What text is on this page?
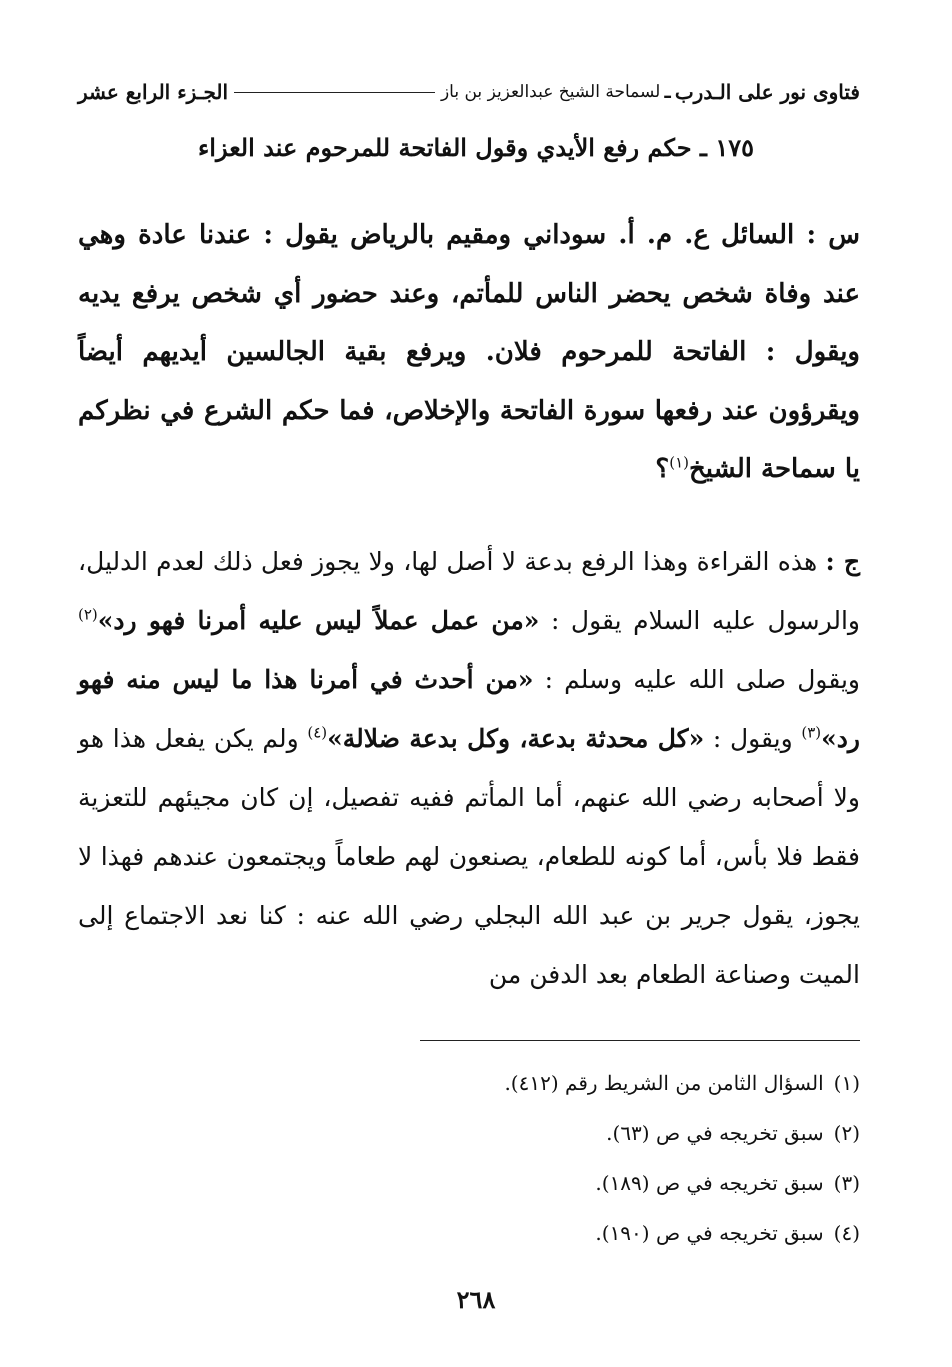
فتاوى نور على الـدرب
ـ
لسماحة الشيخ عبدالعزيز بن باز
الجـزء الرابع عشر
١٧٥ ـ حكم رفع الأيدي وقول الفاتحة للمرحوم عند العزاء
س : السائل ع. م. أ. سوداني ومقيم بالرياض يقول : عندنا عادة وهي عند وفاة شخص يحضر الناس للمأتم، وعند حضور أي شخص يرفع يديه ويقول : الفاتحة للمرحوم فلان. ويرفع بقية الجالسين أيديهم أيضاً ويقرؤون عند رفعها سورة الفاتحة والإخلاص، فما حكم الشرع في نظركم يا سماحة الشيخ$^{(١)}$؟
ج : هذه القراءة وهذا الرفع بدعة لا أصل لها، ولا يجوز فعل ذلك لعدم الدليل، والرسول عليه السلام يقول : «من عمل عملاً ليس عليه أمرنا فهو رد»$^{(٢)}$ ويقول صلى الله عليه وسلم : «من أحدث في أمرنا هذا ما ليس منه فهو رد»$^{(٣)}$ ويقول : «كل محدثة بدعة، وكل بدعة ضلالة»$^{(٤)}$ ولم يكن يفعل هذا هو ولا أصحابه رضي الله عنهم، أما المأتم ففيه تفصيل، إن كان مجيئهم للتعزية فقط فلا بأس، أما كونه للطعام، يصنعون لهم طعاماً ويجتمعون عندهم فهذا لا يجوز، يقول جرير بن عبد الله البجلي رضي الله عنه : كنا نعد الاجتماع إلى الميت وصناعة الطعام بعد الدفن من
(١)
السؤال الثامن من الشريط رقم (٤١٢).
(٢)
سبق تخريجه في ص (٦٣).
(٣)
سبق تخريجه في ص (١٨٩).
(٤)
سبق تخريجه في ص (١٩٠).
٢٦٨
